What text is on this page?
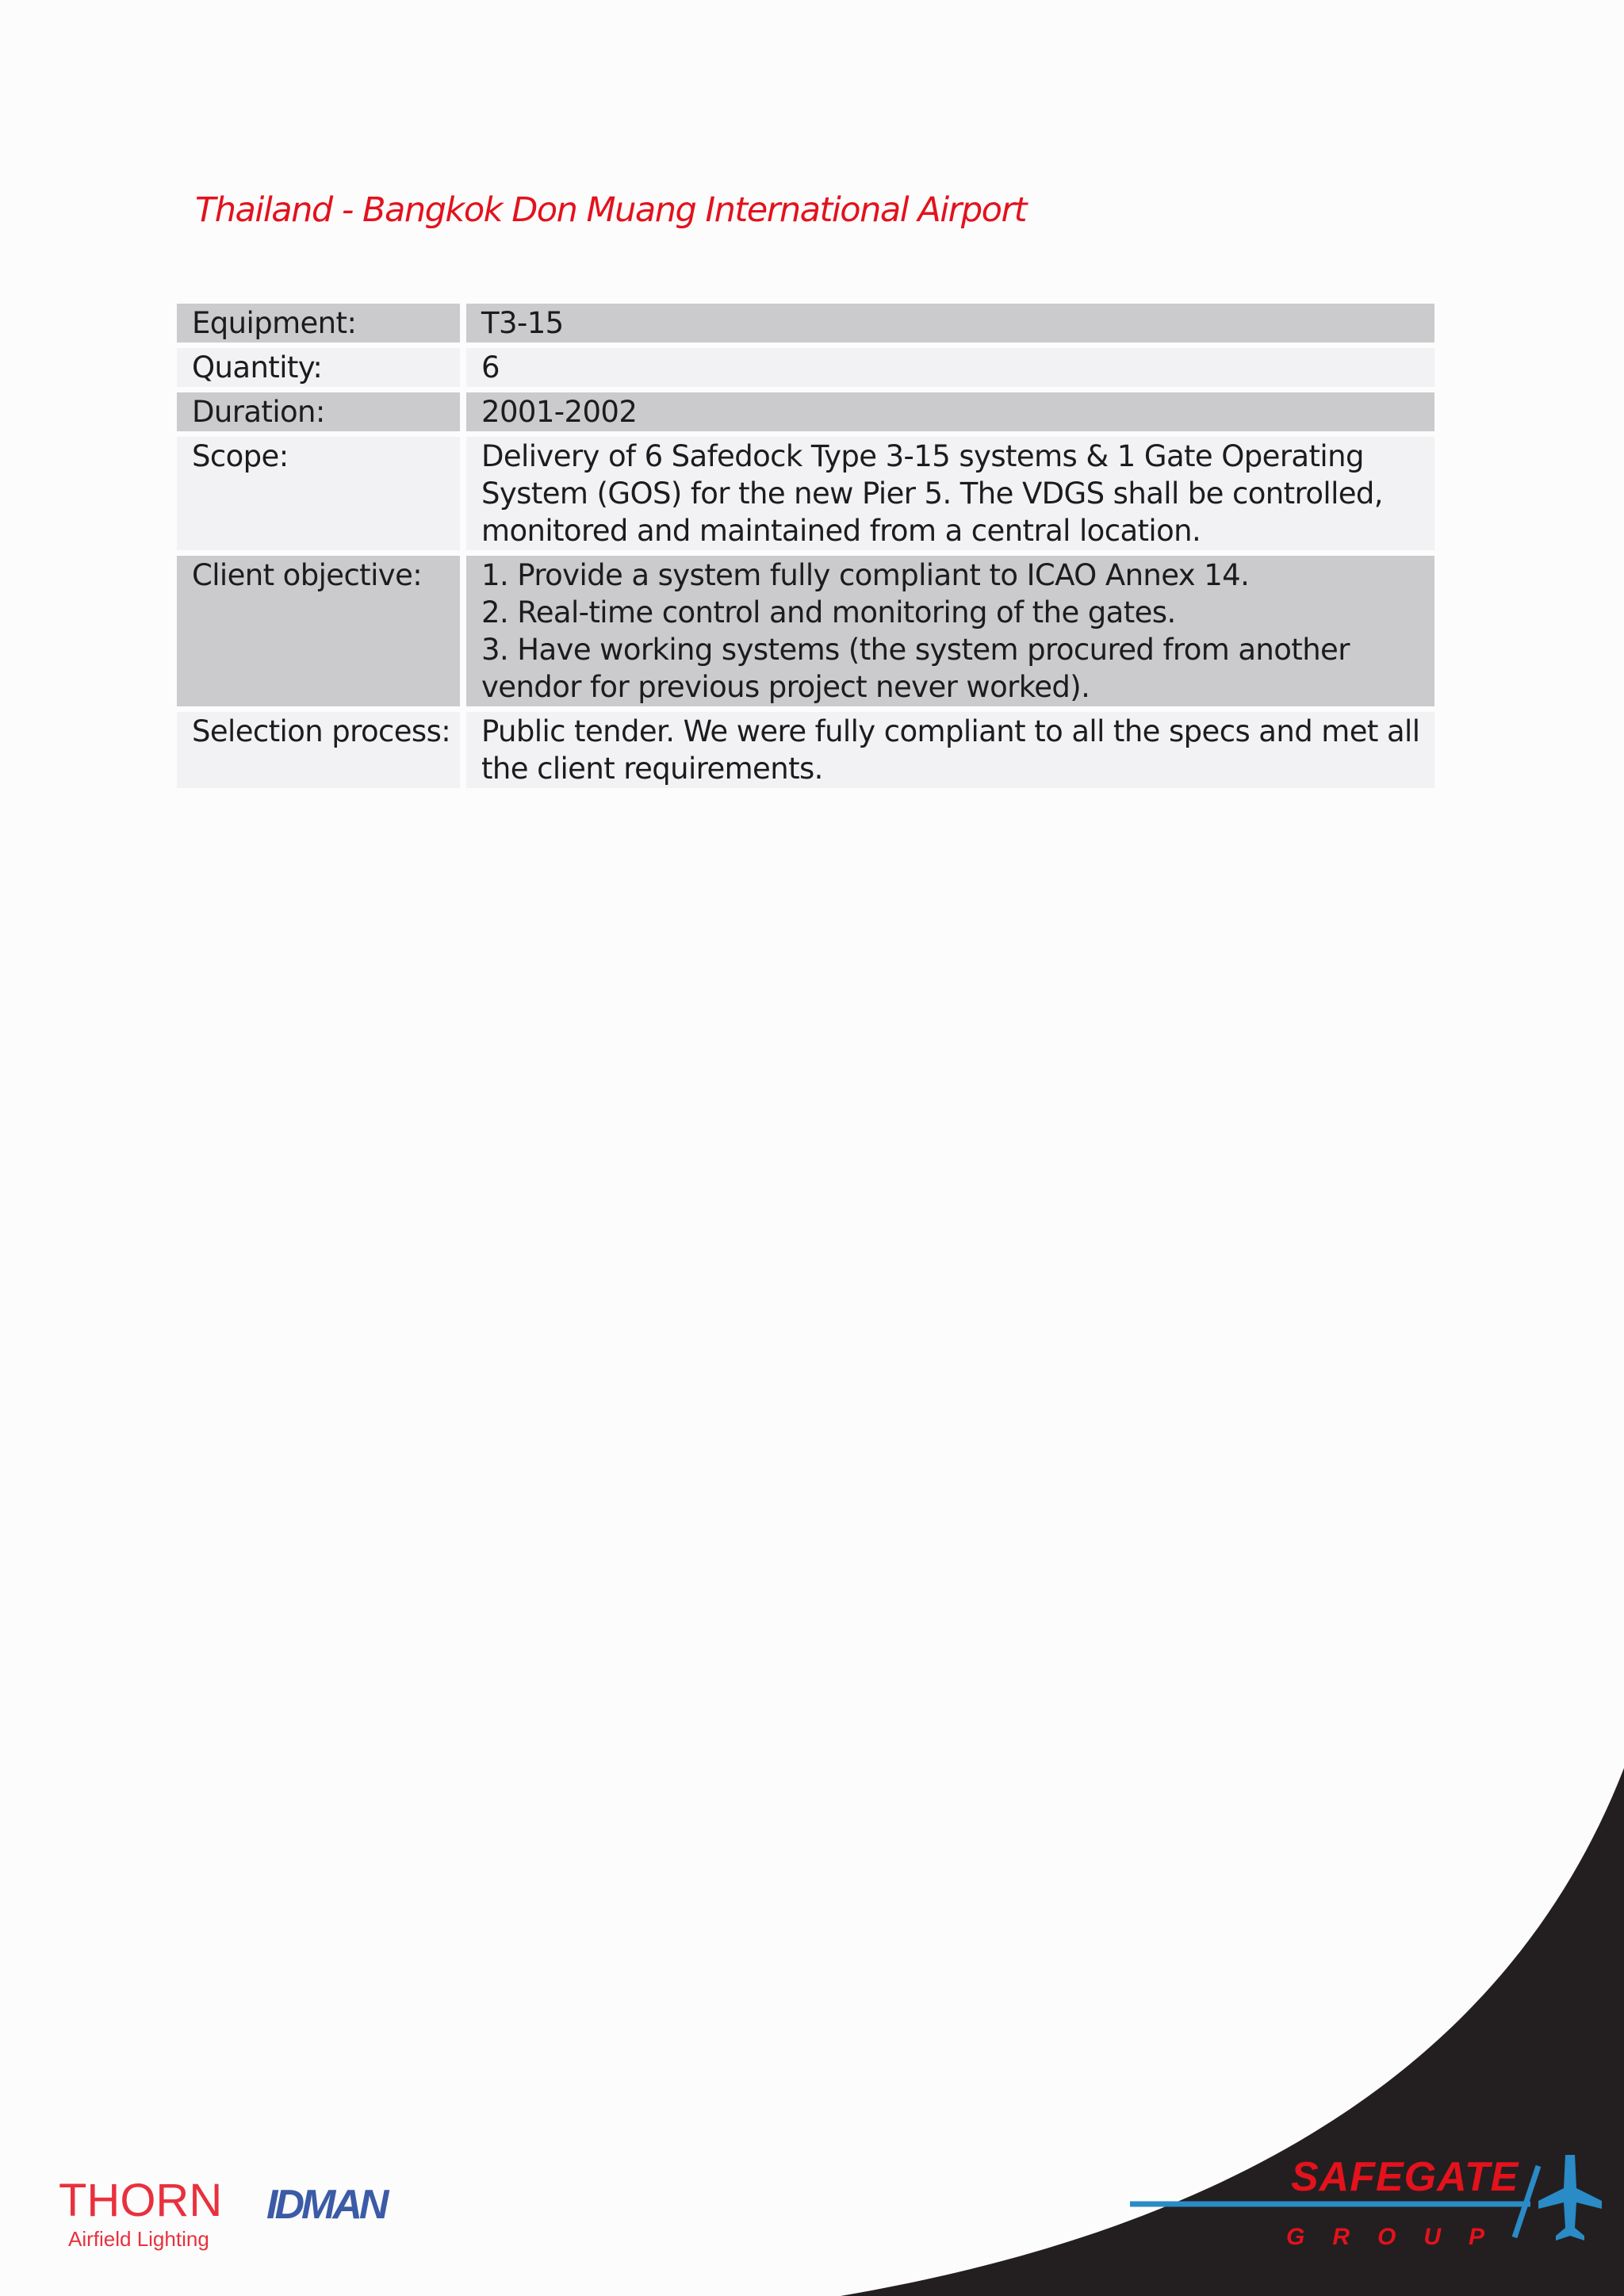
Thailand - Bangkok Don Muang International Airport
Equipment:	T3-15

Quantity:	6

Duration:	2001-2002

Scope:	Delivery of 6 Safedock Type 3-15 systems & 1 Gate Operating
System (GOS) for the new Pier 5. The VDGS shall be controlled,
monitored and maintained from a central location.

Client objective:	1. Provide a system fully compliant to ICAO Annex 14.
2. Real-time control and monitoring of the gates.
3. Have working systems (the system procured from another
vendor for previous project never worked).

Selection process:	Public tender. We were fully compliant to all the specs and met all
the client requirements.
THORN
Airfield Lighting
IDMAN
SAFEGATE
GROUP
